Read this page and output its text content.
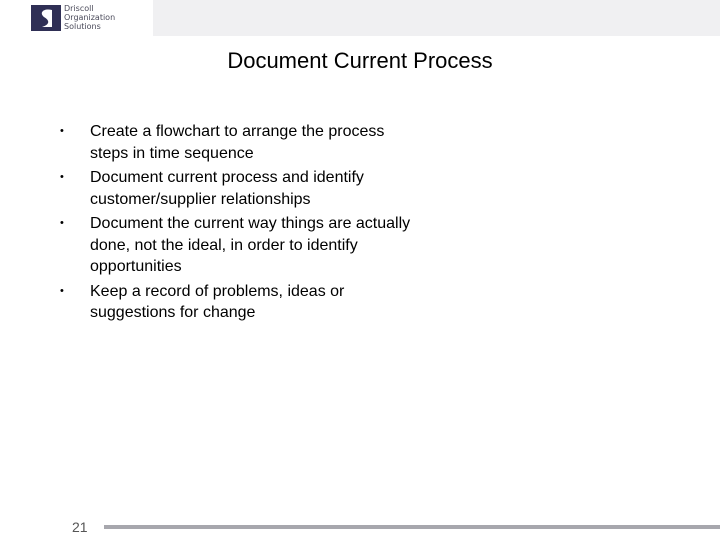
Driscoll
Organization
Solutions
Document Current Process
• Create a flowchart to arrange the process steps in time sequence
• Document current process and identify customer/supplier relationships
• Document the current way things are actually done, not the ideal, in order to identify opportunities
• Keep a record of problems, ideas or suggestions for change
21
